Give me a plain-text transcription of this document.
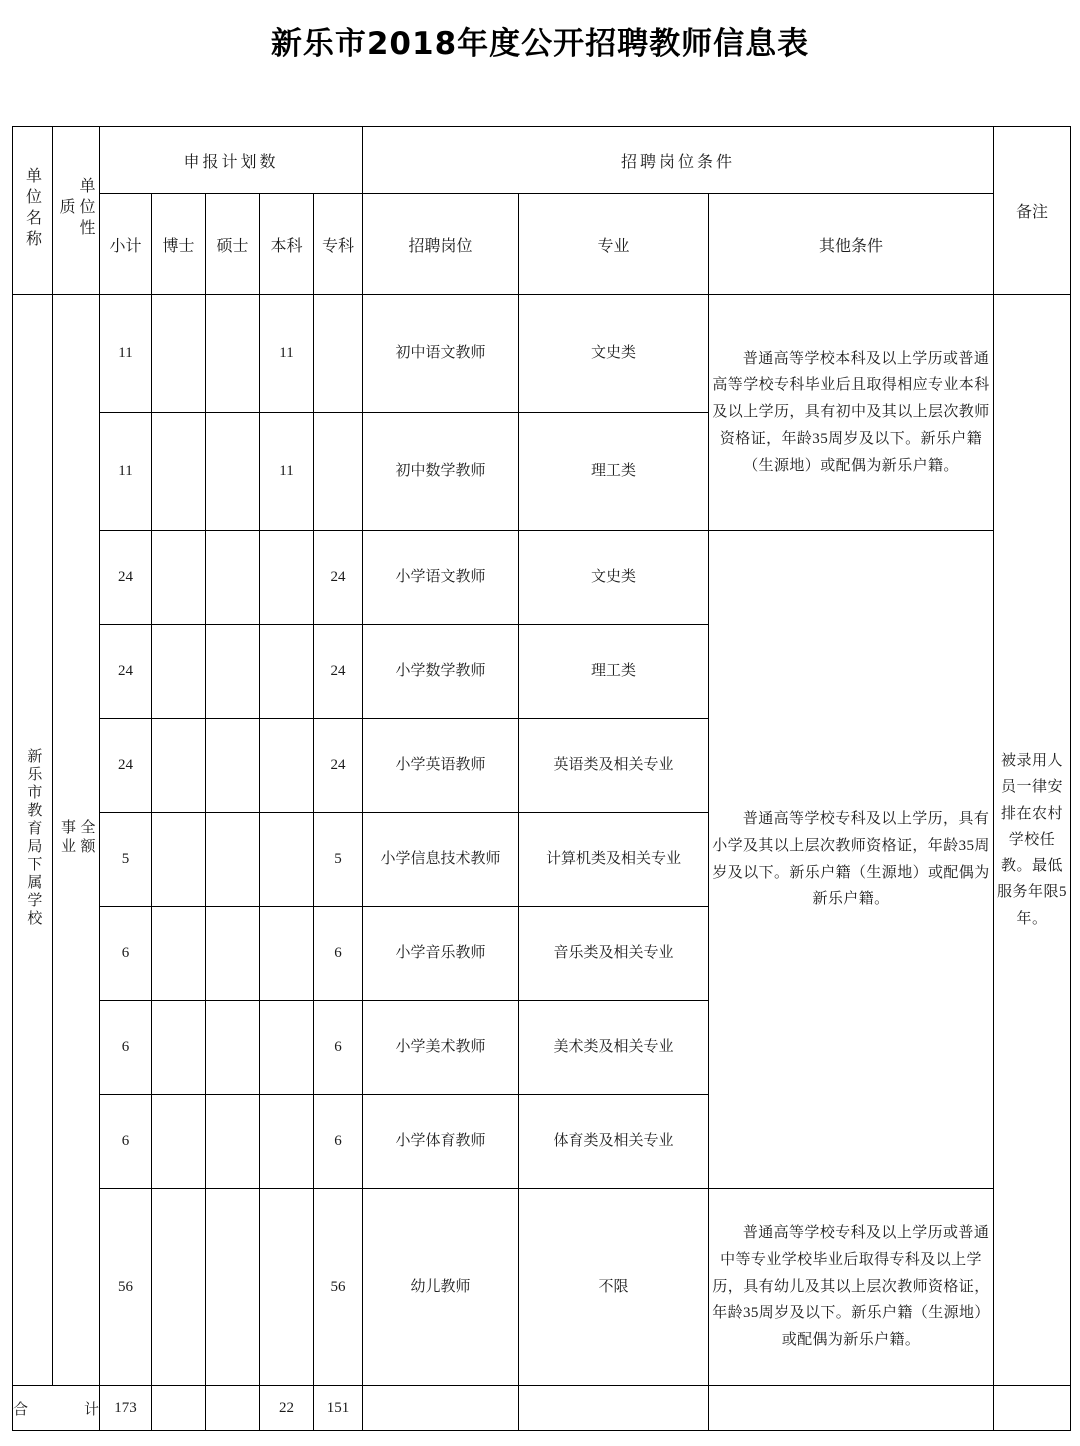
新乐市2018年度公开招聘教师信息表
单位名称	单位性质	申报计划数					招聘岗位条件			备注
		小计	博士	硕士	本科	专科	招聘岗位	专业	其他条件	
新乐市教育局下属学校	全额事业	11			11		初中语文教师	文史类	普通高等学校本科及以上学历或普通高等学校专科毕业后且取得相应专业本科及以上学历，具有初中及其以上层次教师资格证，年龄35周岁及以下。新乐户籍（生源地）或配偶为新乐户籍。	被录用人员一律安排在农村学校任教。最低服务年限5年。
		11			11		初中数学教师	理工类		
		24				24	小学语文教师	文史类	普通高等学校专科及以上学历，具有小学及其以上层次教师资格证，年龄35周岁及以下。新乐户籍（生源地）或配偶为新乐户籍。	
		24				24	小学数学教师	理工类		
		24				24	小学英语教师	英语类及相关专业		
		5				5	小学信息技术教师	计算机类及相关专业		
		6				6	小学音乐教师	音乐类及相关专业		
		6				6	小学美术教师	美术类及相关专业		
		6				6	小学体育教师	体育类及相关专业		
		56				56	幼儿教师	不限	普通高等学校专科及以上学历或普通中等专业学校毕业后取得专科及以上学历，具有幼儿及其以上层次教师资格证，年龄35周岁及以下。新乐户籍（生源地）或配偶为新乐户籍。	
合计		173			22	151				
